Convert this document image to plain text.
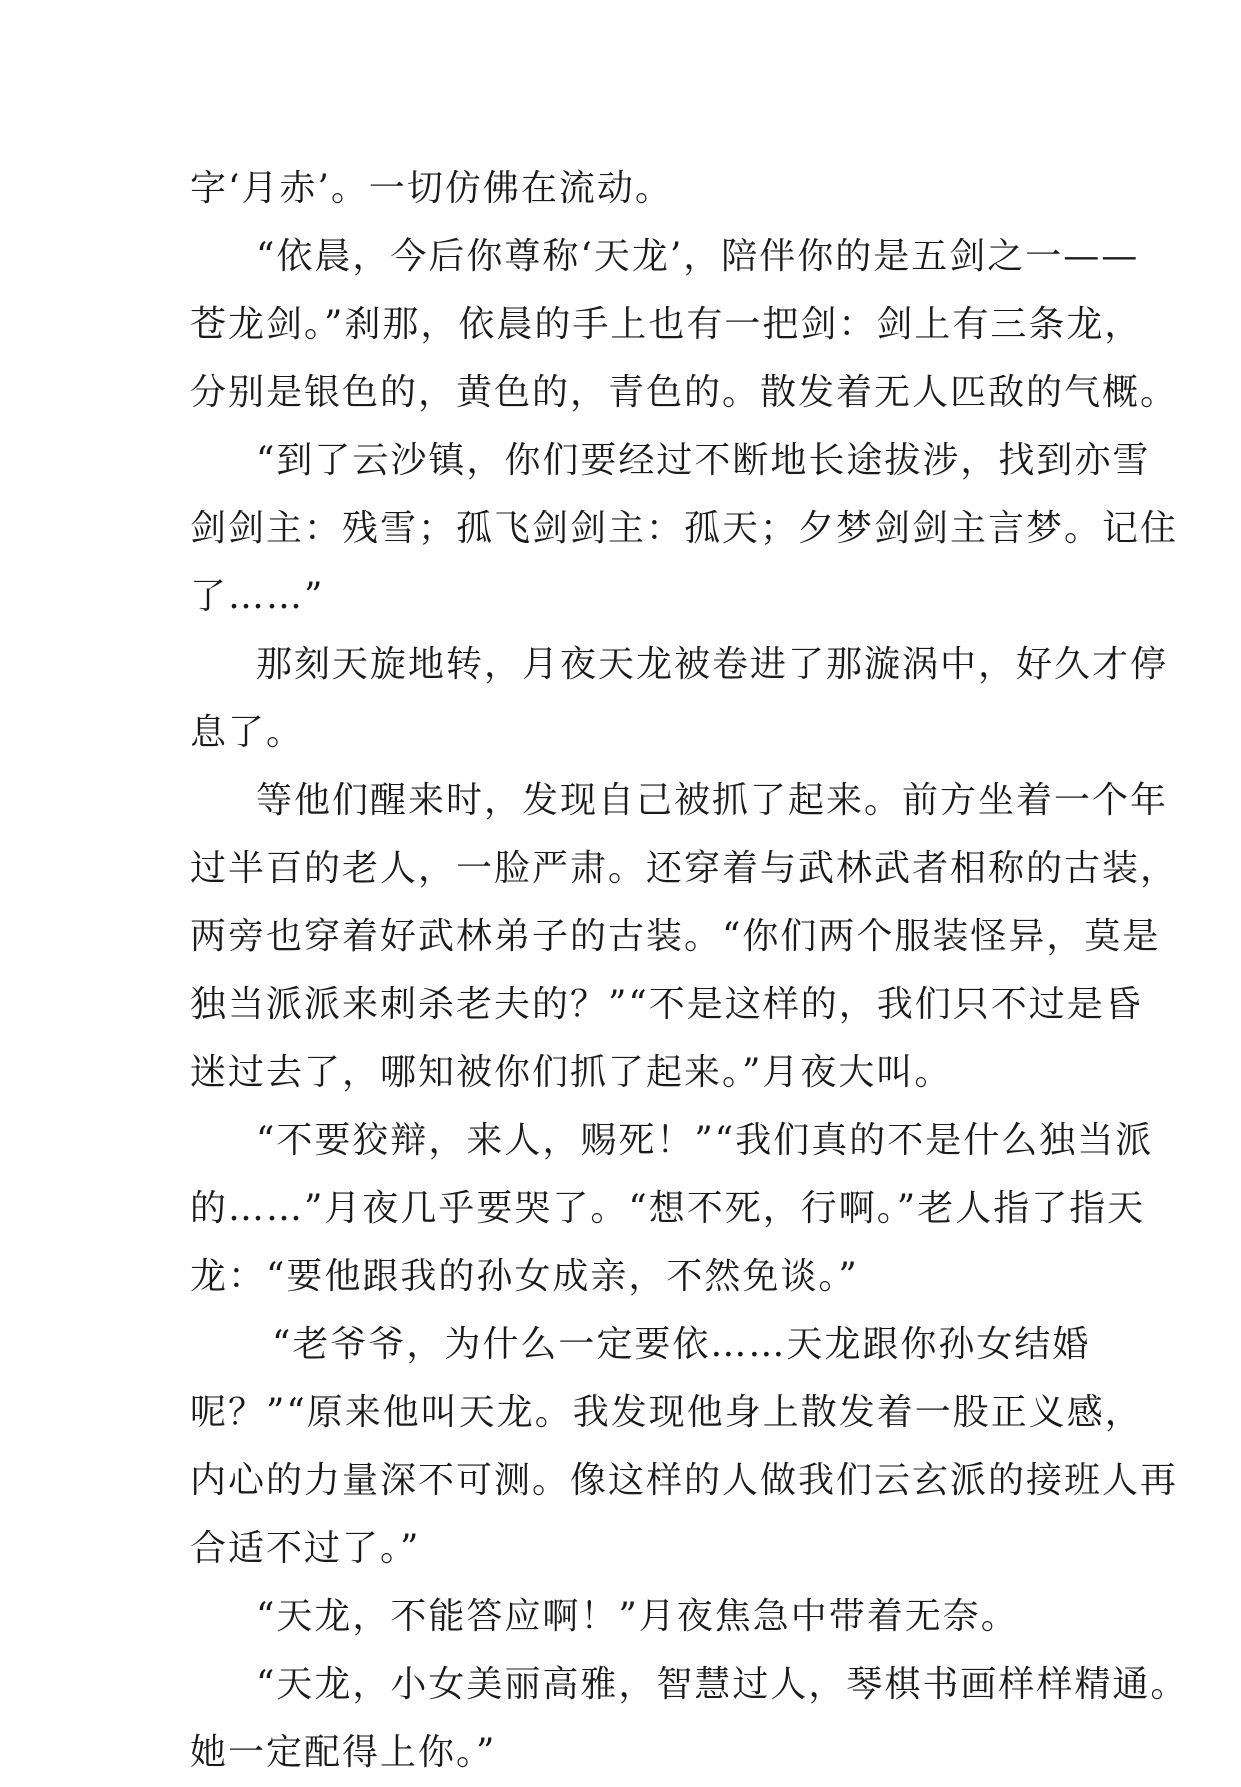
字‘月赤’。一切仿佛在流动。
“依晨，今后你尊称‘天龙’，陪伴你的是五剑之一——
苍龙剑。”刹那，依晨的手上也有一把剑：剑上有三条龙，
分别是银色的，黄色的，青色的。散发着无人匹敌的气概。
“到了云沙镇，你们要经过不断地长途拔涉，找到亦雪
剑剑主：残雪；孤飞剑剑主：孤天；夕梦剑剑主言梦。记住
了……”
那刻天旋地转，月夜天龙被卷进了那漩涡中，好久才停
息了。
等他们醒来时，发现自己被抓了起来。前方坐着一个年
过半百的老人，一脸严肃。还穿着与武林武者相称的古装，
两旁也穿着好武林弟子的古装。“你们两个服装怪异，莫是
独当派派来刺杀老夫的？”“不是这样的，我们只不过是昏
迷过去了，哪知被你们抓了起来。”月夜大叫。
“不要狡辩，来人，赐死！”“我们真的不是什么独当派
的……”月夜几乎要哭了。“想不死，行啊。”老人指了指天
龙：“要他跟我的孙女成亲，不然免谈。”
“老爷爷，为什么一定要依……天龙跟你孙女结婚
呢？”“原来他叫天龙。我发现他身上散发着一股正义感，
内心的力量深不可测。像这样的人做我们云玄派的接班人再
合适不过了。”
“天龙，不能答应啊！”月夜焦急中带着无奈。
“天龙，小女美丽高雅，智慧过人，琴棋书画样样精通。
她一定配得上你。”
